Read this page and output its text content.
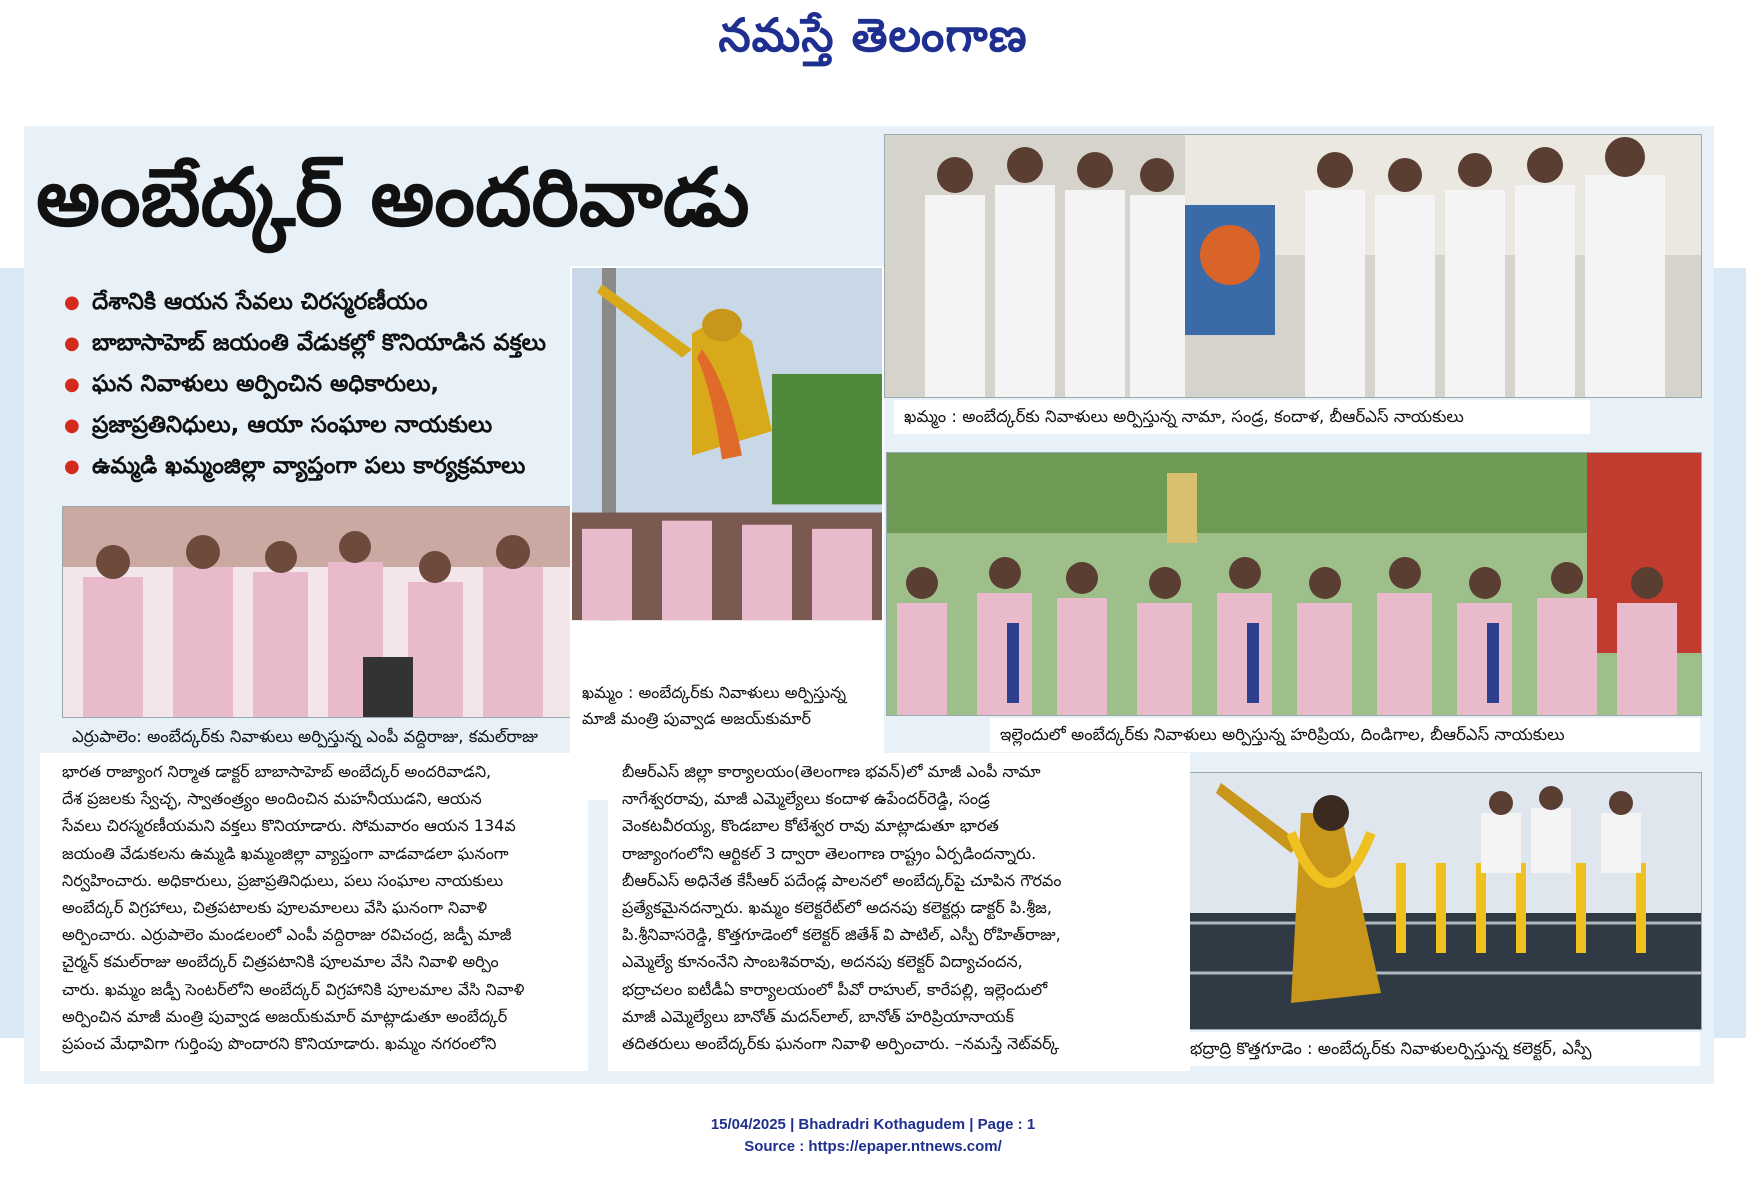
నమస్తే తెలంగాణ
అంబేద్కర్ అందరివాడు
● దేశానికి ఆయన సేవలు చిరస్మరణీయం
● బాబాసాహెబ్ జయంతి వేడుకల్లో కొనియాడిన వక్తలు
● ఘన నివాళులు అర్పించిన అధికారులు,
● ప్రజాప్రతినిధులు, ఆయా సంఘాల నాయకులు
● ఉమ్మడి ఖమ్మంజిల్లా వ్యాప్తంగా పలు కార్యక్రమాలు
ఖమ్మం : అంబేద్కర్‌కు నివాళులు అర్పిస్తున్న
మాజీ మంత్రి పువ్వాడ అజయ్‌కుమార్
ఖమ్మం : అంబేద్కర్‌కు నివాళులు అర్పిస్తున్న నామా, సండ్ర, కందాళ, బీఆర్‌ఎస్ నాయకులు
ఇల్లెందులో అంబేద్కర్‌కు నివాళులు అర్పిస్తున్న హరిప్రియ, దిండిగాల, బీఆర్‌ఎస్ నాయకులు
భద్రాద్రి కొత్తగూడెం : అంబేద్కర్‌కు నివాళులర్పిస్తున్న కలెక్టర్, ఎస్పీ
భారత రాజ్యాంగ నిర్మాత డాక్టర్ బాబాసాహెబ్ అంబేద్కర్ అందరివాడని,
దేశ ప్రజలకు స్వేచ్ఛ, స్వాతంత్ర్యం అందించిన మహనీయుడని, ఆయన
సేవలు చిరస్మరణీయమని వక్తలు కొనియాడారు. సోమవారం ఆయన 134వ
జయంతి వేడుకలను ఉమ్మడి ఖమ్మంజిల్లా వ్యాప్తంగా వాడవాడలా ఘనంగా
నిర్వహించారు. అధికారులు, ప్రజాప్రతినిధులు, పలు సంఘాల నాయకులు
అంబేద్కర్ విగ్రహాలు, చిత్రపటాలకు పూలమాలలు వేసి ఘనంగా నివాళి
అర్పించారు. ఎర్రుపాలెం మండలంలో ఎంపీ వద్దిరాజు రవిచంద్ర, జడ్పీ మాజీ
చైర్మన్ కమల్‌రాజు అంబేద్కర్ చిత్రపటానికి పూలమాల వేసి నివాళి అర్పిం
చారు. ఖమ్మం జడ్పీ సెంటర్‌లోని అంబేద్కర్ విగ్రహానికి పూలమాల వేసి నివాళి
అర్పించిన మాజీ మంత్రి పువ్వాడ అజయ్‌కుమార్ మాట్లాడుతూ అంబేద్కర్
ప్రపంచ మేధావిగా గుర్తింపు పొందారని కొనియాడారు. ఖమ్మం నగరంలోని
బీఆర్‌ఎస్ జిల్లా కార్యాలయం(తెలంగాణ భవన్)లో మాజీ ఎంపీ నామా
నాగేశ్వరరావు, మాజీ ఎమ్మెల్యేలు కందాళ ఉపేందర్‌రెడ్డి, సండ్ర
వెంకటవీరయ్య, కొండబాల కోటేశ్వర రావు మాట్లాడుతూ భారత
రాజ్యాంగంలోని ఆర్టికల్ 3 ద్వారా తెలంగాణ రాష్ట్రం ఏర్పడిందన్నారు.
బీఆర్‌ఎస్ అధినేత కేసీఆర్ పదేండ్ల పాలనలో అంబేద్కర్‌పై చూపిన గౌరవం
ప్రత్యేకమైనదన్నారు. ఖమ్మం కలెక్టరేట్‌లో అదనపు కలెక్టర్లు డాక్టర్ పి.శ్రీజ,
పి.శ్రీనివాసరెడ్డి, కొత్తగూడెంలో కలెక్టర్ జితేశ్ వి పాటిల్, ఎస్పీ రోహిత్‌రాజు,
ఎమ్మెల్యే కూనంనేని సాంబశివరావు, అదనపు కలెక్టర్ విద్యాచందన,
భద్రాచలం ఐటీడీఏ కార్యాలయంలో పీవో రాహుల్, కారేపల్లి, ఇల్లెందులో
మాజీ ఎమ్మెల్యేలు బానోత్ మదన్‌లాల్, బానోత్ హరిప్రియానాయక్
తదితరులు అంబేద్కర్‌కు ఘనంగా నివాళి అర్పించారు. –నమస్తే నెట్‌వర్క్
ఎర్రుపాలెం: అంబేద్కర్‌కు నివాళులు అర్పిస్తున్న ఎంపీ వద్దిరాజు, కమల్‌రాజు
15/04/2025 | Bhadradri Kothagudem | Page : 1
Source : https://epaper.ntnews.com/
